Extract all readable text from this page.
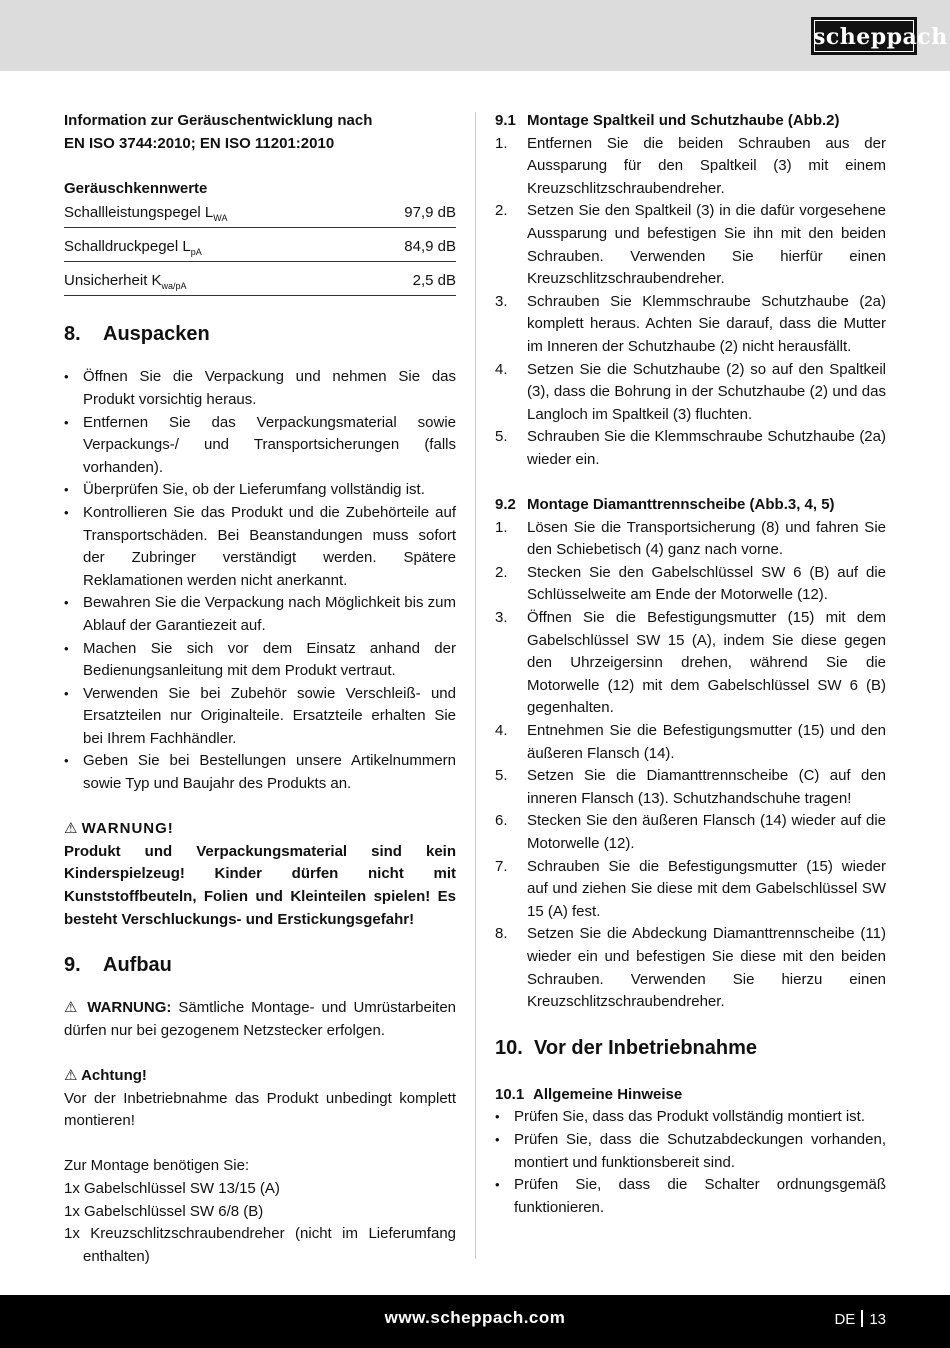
scheppach
Information zur Geräuschentwicklung nach
EN ISO 3744:2010; EN ISO 11201:2010
Geräuschkennwerte
Schallleistungspegel $L_{WA}$	97,9 dB
Schalldruckpegel $L_{pA}$	84,9 dB
Unsicherheit $K_{wa/pA}$	2,5 dB
8.	Auspacken
• Öffnen Sie die Verpackung und nehmen Sie das Produkt vorsichtig heraus.
• Entfernen Sie das Verpackungsmaterial sowie Verpackungs-/ und Transportsicherungen (falls vorhanden).
• Überprüfen Sie, ob der Lieferumfang vollständig ist.
• Kontrollieren Sie das Produkt und die Zubehörteile auf Transportschäden. Bei Beanstandungen muss sofort der Zubringer verständigt werden. Spätere Reklamationen werden nicht anerkannt.
• Bewahren Sie die Verpackung nach Möglichkeit bis zum Ablauf der Garantiezeit auf.
• Machen Sie sich vor dem Einsatz anhand der Bedienungsanleitung mit dem Produkt vertraut.
• Verwenden Sie bei Zubehör sowie Verschleiß- und Ersatzteilen nur Originalteile. Ersatzteile erhalten Sie bei Ihrem Fachhändler.
• Geben Sie bei Bestellungen unsere Artikelnummern sowie Typ und Baujahr des Produkts an.
⚠ WARNUNG!
Produkt und Verpackungsmaterial sind kein Kinderspielzeug! Kinder dürfen nicht mit Kunststoffbeuteln, Folien und Kleinteilen spielen! Es besteht Verschluckungs- und Erstickungsgefahr!
9.	Aufbau
⚠ WARNUNG: Sämtliche Montage- und Umrüstarbeiten dürfen nur bei gezogenem Netzstecker erfolgen.
⚠ Achtung!
Vor der Inbetriebnahme das Produkt unbedingt komplett montieren!
Zur Montage benötigen Sie:
1x Gabelschlüssel SW 13/15 (A)
1x Gabelschlüssel SW 6/8 (B)
1x Kreuzschlitzschraubendreher (nicht im Lieferumfang enthalten)
9.1 Montage Spaltkeil und Schutzhaube (Abb.2)
1.	Entfernen Sie die beiden Schrauben aus der Aussparung für den Spaltkeil (3) mit einem Kreuzschlitzschraubendreher.
2.	Setzen Sie den Spaltkeil (3) in die dafür vorgesehene Aussparung und befestigen Sie ihn mit den beiden Schrauben. Verwenden Sie hierfür einen Kreuzschlitzschraubendreher.
3.	Schrauben Sie Klemmschraube Schutzhaube (2a) komplett heraus. Achten Sie darauf, dass die Mutter im Inneren der Schutzhaube (2) nicht herausfällt.
4.	Setzen Sie die Schutzhaube (2) so auf den Spaltkeil (3), dass die Bohrung in der Schutzhaube (2) und das Langloch im Spaltkeil (3) fluchten.
5.	Schrauben Sie die Klemmschraube Schutzhaube (2a) wieder ein.
9.2 Montage Diamanttrennscheibe (Abb.3, 4, 5)
1.	Lösen Sie die Transportsicherung (8) und fahren Sie den Schiebetisch (4) ganz nach vorne.
2.	Stecken Sie den Gabelschlüssel SW 6 (B) auf die Schlüsselweite am Ende der Motorwelle (12).
3.	Öffnen Sie die Befestigungsmutter (15) mit dem Gabelschlüssel SW 15 (A), indem Sie diese gegen den Uhrzeigersinn drehen, während Sie die Motorwelle (12) mit dem Gabelschlüssel SW 6 (B) gegenhalten.
4.	Entnehmen Sie die Befestigungsmutter (15) und den äußeren Flansch (14).
5.	Setzen Sie die Diamanttrennscheibe (C) auf den inneren Flansch (13). Schutzhandschuhe tragen!
6.	Stecken Sie den äußeren Flansch (14) wieder auf die Motorwelle (12).
7.	Schrauben Sie die Befestigungsmutter (15) wieder auf und ziehen Sie diese mit dem Gabelschlüssel SW 15 (A) fest.
8.	Setzen Sie die Abdeckung Diamanttrennscheibe (11) wieder ein und befestigen Sie diese mit den beiden Schrauben. Verwenden Sie hierzu einen Kreuzschlitzschraubendreher.
10. Vor der Inbetriebnahme
10.1 Allgemeine Hinweise
• Prüfen Sie, dass das Produkt vollständig montiert ist.
• Prüfen Sie, dass die Schutzabdeckungen vorhanden, montiert und funktionsbereit sind.
• Prüfen Sie, dass die Schalter ordnungsgemäß funktionieren.
www.scheppach.com	DE 13
